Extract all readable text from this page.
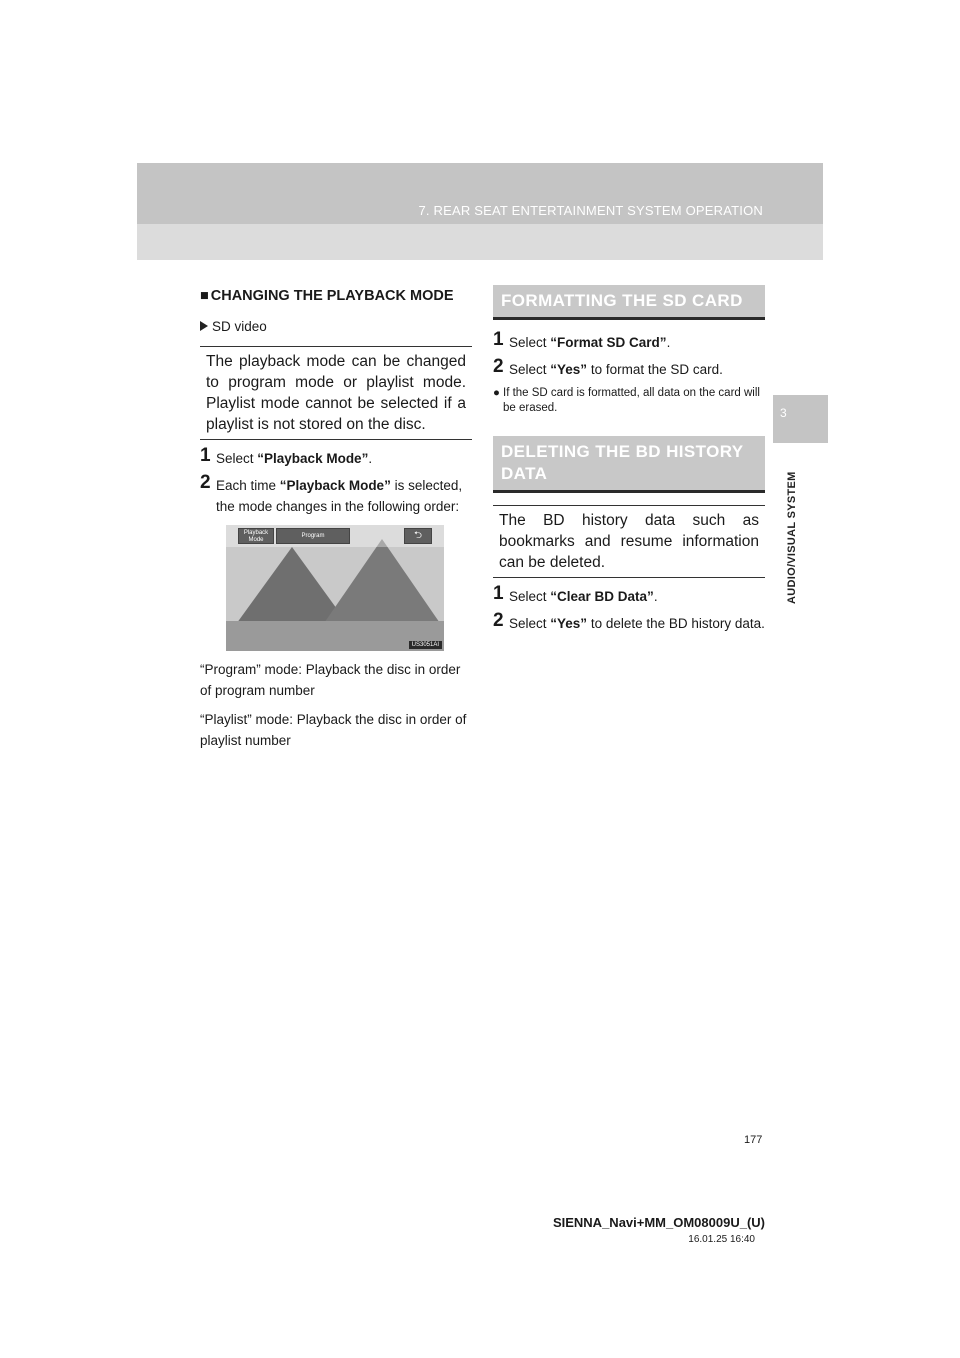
7. REAR SEAT ENTERTAINMENT SYSTEM OPERATION
3
AUDIO/VISUAL SYSTEM
■ CHANGING THE PLAYBACK MODE
SD video
The playback mode can be changed to program mode or playlist mode. Playlist mode cannot be selected if a playlist is not stored on the disc.
1 Select “Playback Mode”.
2 Each time “Playback Mode” is selected, the mode changes in the following order:
Playback
Mode
Program	⮌
US3051AI
“Program” mode: Playback the disc in order of program number
“Playlist” mode: Playback the disc in order of playlist number
FORMATTING THE SD CARD
1 Select “Format SD Card”.
2 Select “Yes” to format the SD card.
● If the SD card is formatted, all data on the card will be erased.
DELETING THE BD HISTORY DATA
The BD history data such as bookmarks and resume information can be deleted.
1 Select “Clear BD Data”.
2 Select “Yes” to delete the BD history data.
177
SIENNA_Navi+MM_OM08009U_(U)
16.01.25 16:40
